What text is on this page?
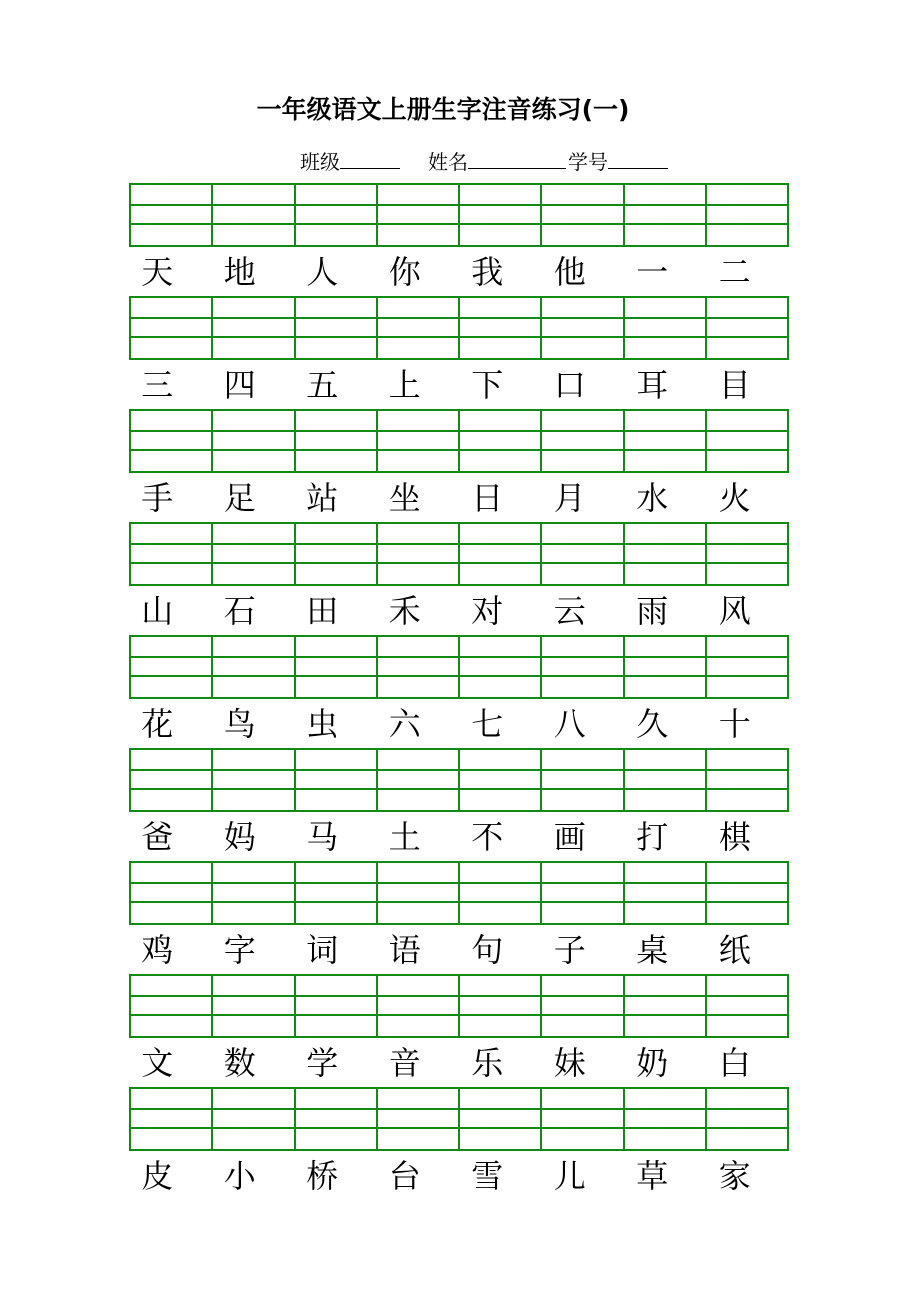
一年级语文上册生字注音练习(一)
班级	姓名	学号
天	地	人	你	我	他	一	二
三	四	五	上	下	口	耳	目
手	足	站	坐	日	月	水	火
山	石	田	禾	对	云	雨	风
花	鸟	虫	六	七	八	久	十
爸	妈	马	土	不	画	打	棋
鸡	字	词	语	句	子	桌	纸
文	数	学	音	乐	妹	奶	白
皮	小	桥	台	雪	儿	草	家
